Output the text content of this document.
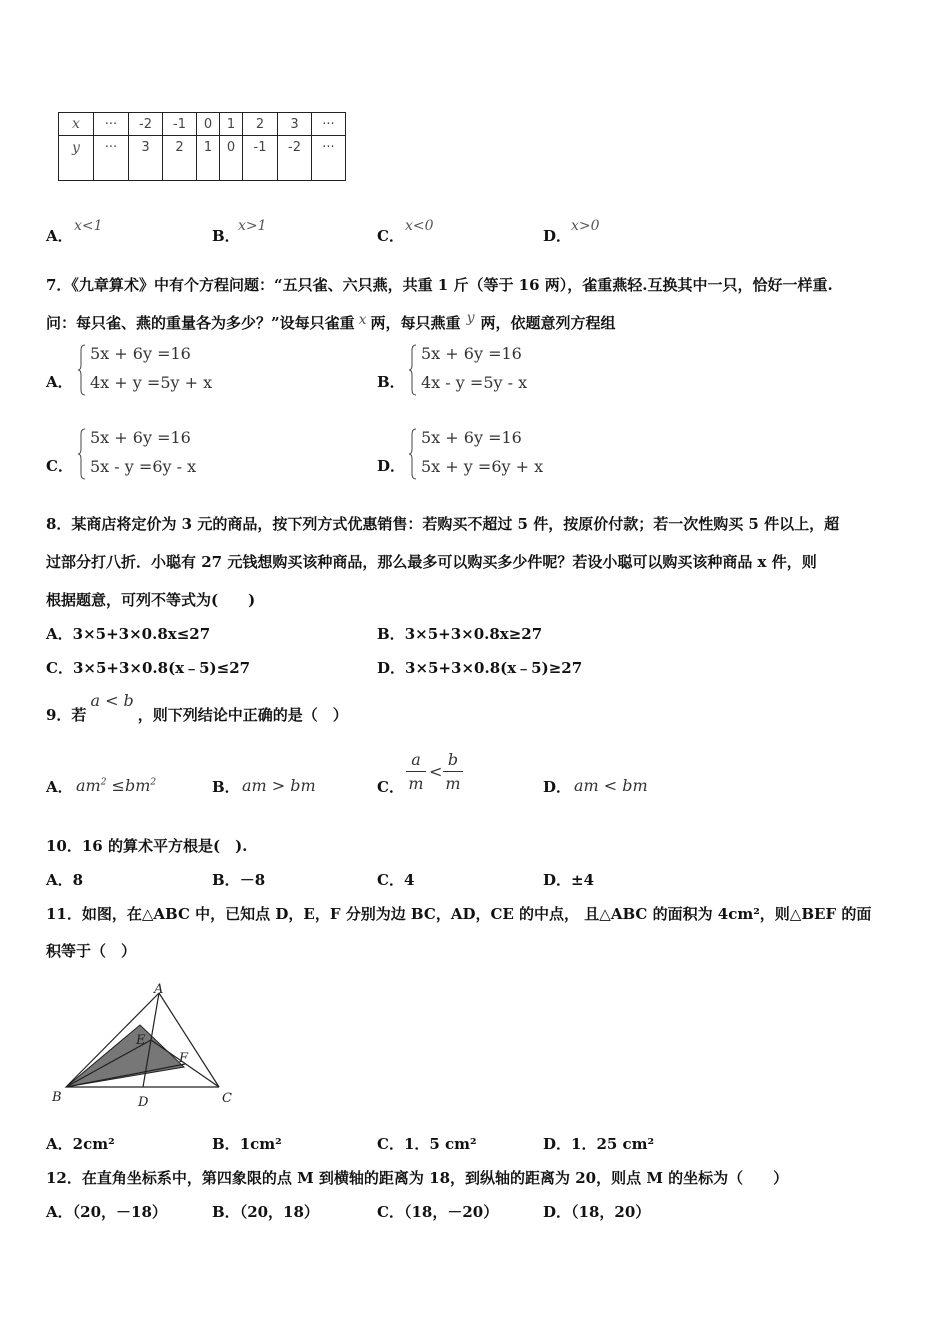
x	···	-2	-1	0	1	2	3	···
y	···	3	2	1	0	-1	-2	···
A．
x<1
B．
x>1
C．
x<0
D．
x>0
7．《九章算术》中有个方程问题：“五只雀、六只燕，共重 1 斤（等于 16 两），雀重燕轻.互换其中一只，恰好一样重.
问：每只雀、燕的重量各为多少？”设每只雀重 x 两，每只燕重 y 两，依题意列方程组
A．
5x + 6y =16
4x + y =5y + x	B．
5x + 6y =16
4x - y =5y - x
C．
5x + 6y =16
5x - y =6y - x	D．
5x + 6y =16
5x + y =6y + x
8．某商店将定价为 3 元的商品，按下列方式优惠销售：若购买不超过 5 件，按原价付款；若一次性购买 5 件以上，超
过部分打八折．小聪有 27 元钱想购买该种商品，那么最多可以购买多少件呢？若设小聪可以购买该种商品 x 件，则
根据题意，可列不等式为(　　)
A．3×5+3×0.8x≤27	B．3×5+3×0.8x≥27
C．3×5+3×0.8(x﹣5)≤27	D．3×5+3×0.8(x﹣5)≥27
9．若a < b，则下列结论中正确的是（　）
A． $am^2 \le bm^2$	B． am > bm	C． $\frac{a}{m} < \frac{b}{m}$	D． am < bm
10．16 的算术平方根是(　).
A．8	B．－8	C．4	D．±4
11．如图，在△ABC 中，已知点 D，E，F 分别为边 BC，AD，CE 的中点， 且△ABC 的面积为 4cm²，则△BEF 的面
积等于（　）
A
B	C
D
E
F
A．2cm²	B．1cm²	C．1．5 cm²	D．1．25 cm²
12．在直角坐标系中，第四象限的点 M 到横轴的距离为 18，到纵轴的距离为 20，则点 M 的坐标为（　　）
A．（20，－18）	B．（20，18）	C．（18，－20）	D．（18，20）
